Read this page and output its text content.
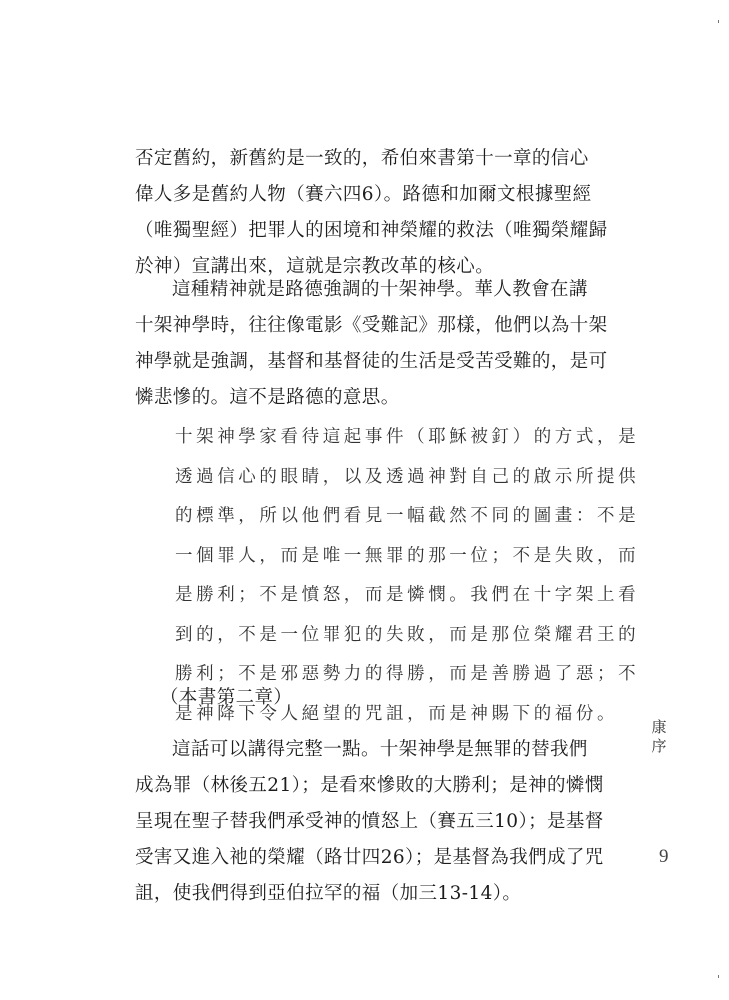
否定舊約，新舊約是一致的，希伯來書第十一章的信心
偉人多是舊約人物（賽六四6）。路德和加爾文根據聖經
（唯獨聖經）把罪人的困境和神榮耀的救法（唯獨榮耀歸
於神）宣講出來，這就是宗教改革的核心。
這種精神就是路德強調的十架神學。華人教會在講
十架神學時，往往像電影《受難記》那樣，他們以為十架
神學就是強調，基督和基督徒的生活是受苦受難的，是可
憐悲慘的。這不是路德的意思。
十架神學家看待這起事件（耶穌被釘）的方式，是
透過信心的眼睛，以及透過神對自己的啟示所提供
的標準，所以他們看見一幅截然不同的圖畫：不是
一個罪人，而是唯一無罪的那一位；不是失敗，而
是勝利；不是憤怒，而是憐憫。我們在十字架上看
到的，不是一位罪犯的失敗，而是那位榮耀君王的
勝利；不是邪惡勢力的得勝，而是善勝過了惡；不
是神降下令人絕望的咒詛，而是神賜下的福份。
（本書第二章）
這話可以講得完整一點。十架神學是無罪的替我們
成為罪（林後五21）；是看來慘敗的大勝利；是神的憐憫
呈現在聖子替我們承受神的憤怒上（賽五三10）；是基督
受害又進入祂的榮耀（路廿四26）；是基督為我們成了咒
詛，使我們得到亞伯拉罕的福（加三13-14）。
康
序
9
